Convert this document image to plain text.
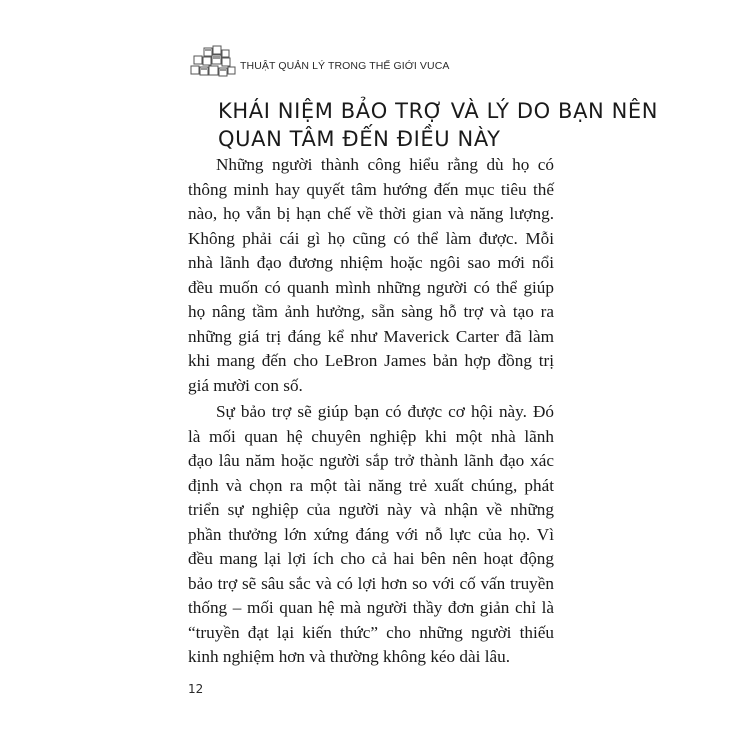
THUẬT QUẢN LÝ TRONG THẾ GIỚI VUCA
KHÁI NIỆM BẢO TRỢ VÀ LÝ DO BẠN NÊN
QUAN TÂM ĐẾN ĐIỀU NÀY

Những người thành công hiểu rằng dù họ có
thông minh hay quyết tâm hướng đến mục tiêu thế
nào, họ vẫn bị hạn chế về thời gian và năng lượng.
Không phải cái gì họ cũng có thể làm được. Mỗi
nhà lãnh đạo đương nhiệm hoặc ngôi sao mới nổi
đều muốn có quanh mình những người có thể giúp
họ nâng tầm ảnh hưởng, sẵn sàng hỗ trợ và tạo ra
những giá trị đáng kể như Maverick Carter đã làm
khi mang đến cho LeBron James bản hợp đồng trị
giá mười con số.

Sự bảo trợ sẽ giúp bạn có được cơ hội này. Đó
là mối quan hệ chuyên nghiệp khi một nhà lãnh
đạo lâu năm hoặc người sắp trở thành lãnh đạo xác
định và chọn ra một tài năng trẻ xuất chúng, phát
triển sự nghiệp của người này và nhận về những
phần thưởng lớn xứng đáng với nỗ lực của họ. Vì
đều mang lại lợi ích cho cả hai bên nên hoạt động
bảo trợ sẽ sâu sắc và có lợi hơn so với cố vấn truyền
thống – mối quan hệ mà người thầy đơn giản chỉ là
“truyền đạt lại kiến thức” cho những người thiếu
kinh nghiệm hơn và thường không kéo dài lâu.

12
